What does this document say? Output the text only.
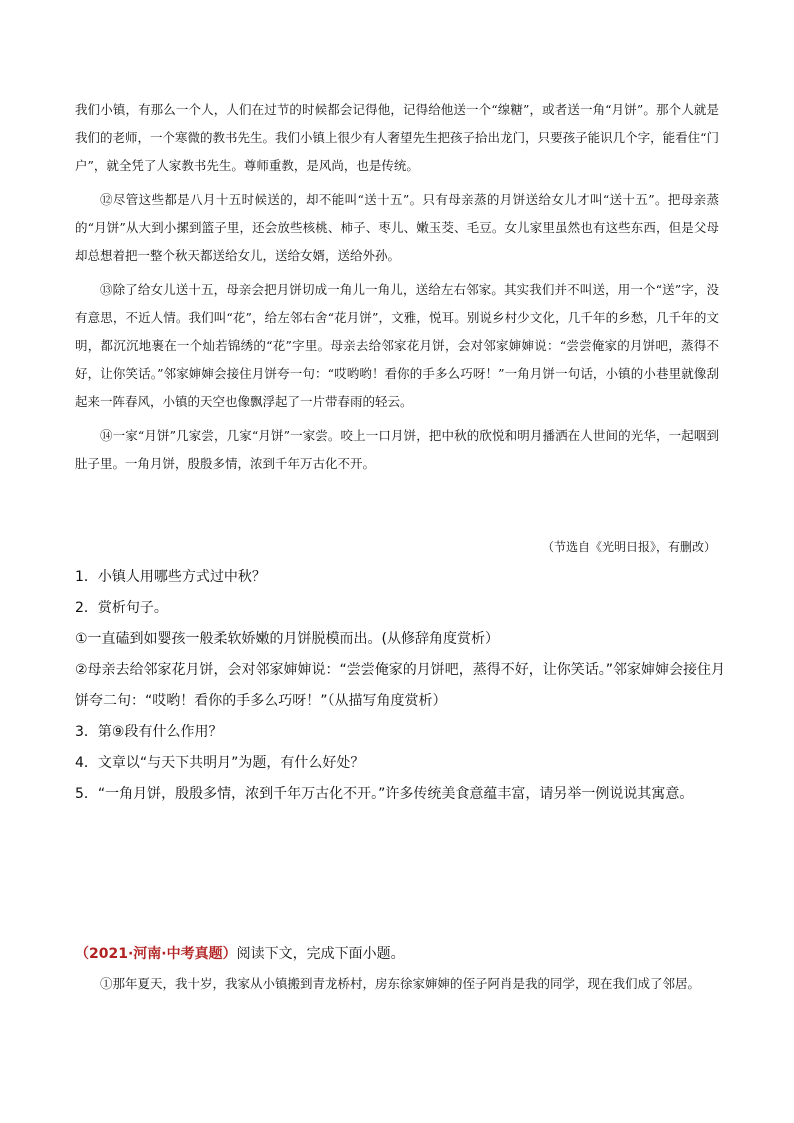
我们小镇，有那么一个人，人们在过节的时候都会记得他，记得给他送一个“缐糖”，或者送一角“月饼”。那个人就是我们的老师，一个寒微的教书先生。我们小镇上很少有人奢望先生把孩子拾出龙门，只要孩子能识几个字，能看住“门户”，就全凭了人家教书先生。尊师重教，是风尚，也是传统。

⑫尽管这些都是八月十五时候送的，却不能叫“送十五”。只有母亲蒸的月饼送给女儿才叫“送十五”。把母亲蒸的“月饼”从大到小摞到篮子里，还会放些核桃、柿子、枣儿、嫩玉茭、毛豆。女儿家里虽然也有这些东西，但是父母却总想着把一整个秋天都送给女儿，送给女婿，送给外孙。

⑬除了给女儿送十五，母亲会把月饼切成一角儿一角儿，送给左右邻家。其实我们并不叫送，用一个“送”字，没有意思，不近人情。我们叫“花”，给左邻右舍“花月饼”，文雅，悦耳。别说乡村少文化，几千年的乡愁，几千年的文明，都沉沉地裹在一个灿若锦绣的“花”字里。母亲去给邻家花月饼，会对邻家婶婶说：“尝尝俺家的月饼吧，蒸得不好，让你笑话。”邻家婶婶会接住月饼夸一句：“哎哟哟！看你的手多么巧呀！”一角月饼一句话，小镇的小巷里就像刮起来一阵春风，小镇的天空也像飘浮起了一片带春雨的轻云。

⑭一家“月饼”几家尝，几家“月饼”一家尝。咬上一口月饼，把中秋的欣悦和明月播洒在人世间的光华，一起咽到肚子里。一角月饼，殷殷多情，浓到千年万古化不开。

（节选自《光明日报》，有删改）

1．小镇人用哪些方式过中秋？

2．赏析句子。

①一直磕到如婴孩一般柔软娇嫩的月饼脱模而出。(从修辞角度赏析）

②母亲去给邻家花月饼，会对邻家婶婶说：“尝尝俺家的月饼吧，蒸得不好，让你笑话。”邻家婶婶会接住月饼夸二句：“哎哟！看你的手多么巧呀！”（从描写角度赏析）

3．第⑨段有什么作用？

4．文章以“与天下共明月”为题，有什么好处？

5．“一角月饼，殷殷多情，浓到千年万古化不开。”许多传统美食意蕴丰富，请另举一例说说其寓意。

（2021·河南·中考真题）阅读下文，完成下面小题。

①那年夏天，我十岁，我家从小镇搬到青龙桥村，房东徐家婶婶的侄子阿肖是我的同学，现在我们成了邻居。
